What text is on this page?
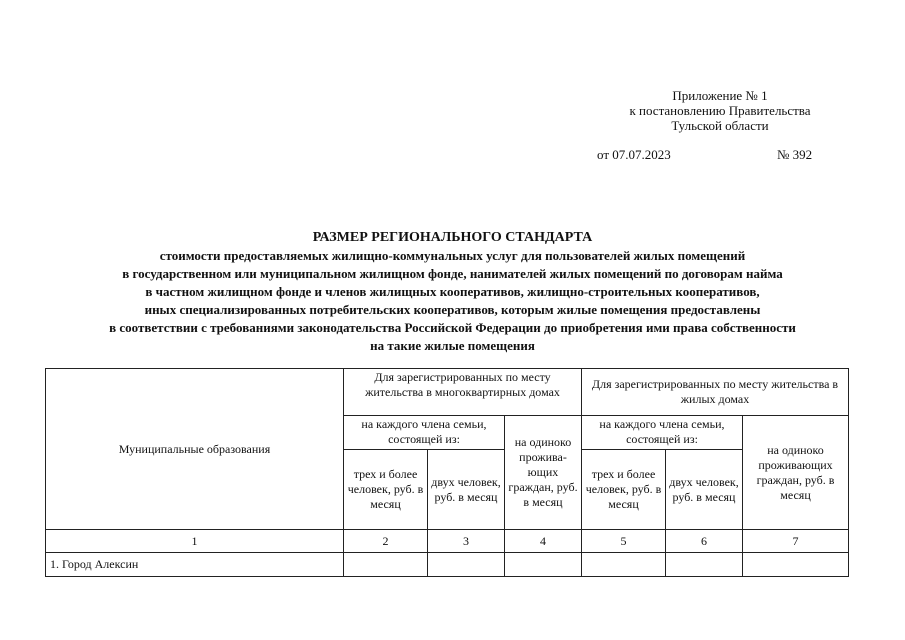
Приложение № 1
к постановлению Правительства
Тульской области
от 07.07.2023	№ 392
РАЗМЕР РЕГИОНАЛЬНОГО СТАНДАРТА
стоимости предоставляемых жилищно-коммунальных услуг для пользователей жилых помещений
в государственном или муниципальном жилищном фонде, нанимателей жилых помещений по договорам найма
в частном жилищном фонде и членов жилищных кооперативов, жилищно-строительных кооперативов,
иных специализированных потребительских кооперативов, которым жилые помещения предоставлены
в соответствии с требованиями законодательства Российской Федерации до приобретения ими права собственности
на такие жилые помещения
Муниципальные образования	Для зарегистрированных по месту жительства в многоквартирных домах			Для зарегистрированных по месту жительства в жилых домах		
	на каждого члена семьи, состоящей из:		на одиноко прожива-ющих граждан, руб. в месяц	на каждого члена семьи, состоящей из:		на одиноко проживающих граждан, руб. в месяц
	трех и более человек, руб. в месяц	двух человек, руб. в месяц		трех и более человек, руб. в месяц	двух человек, руб. в месяц	
1	2	3	4	5	6	7
1. Город Алексин						
